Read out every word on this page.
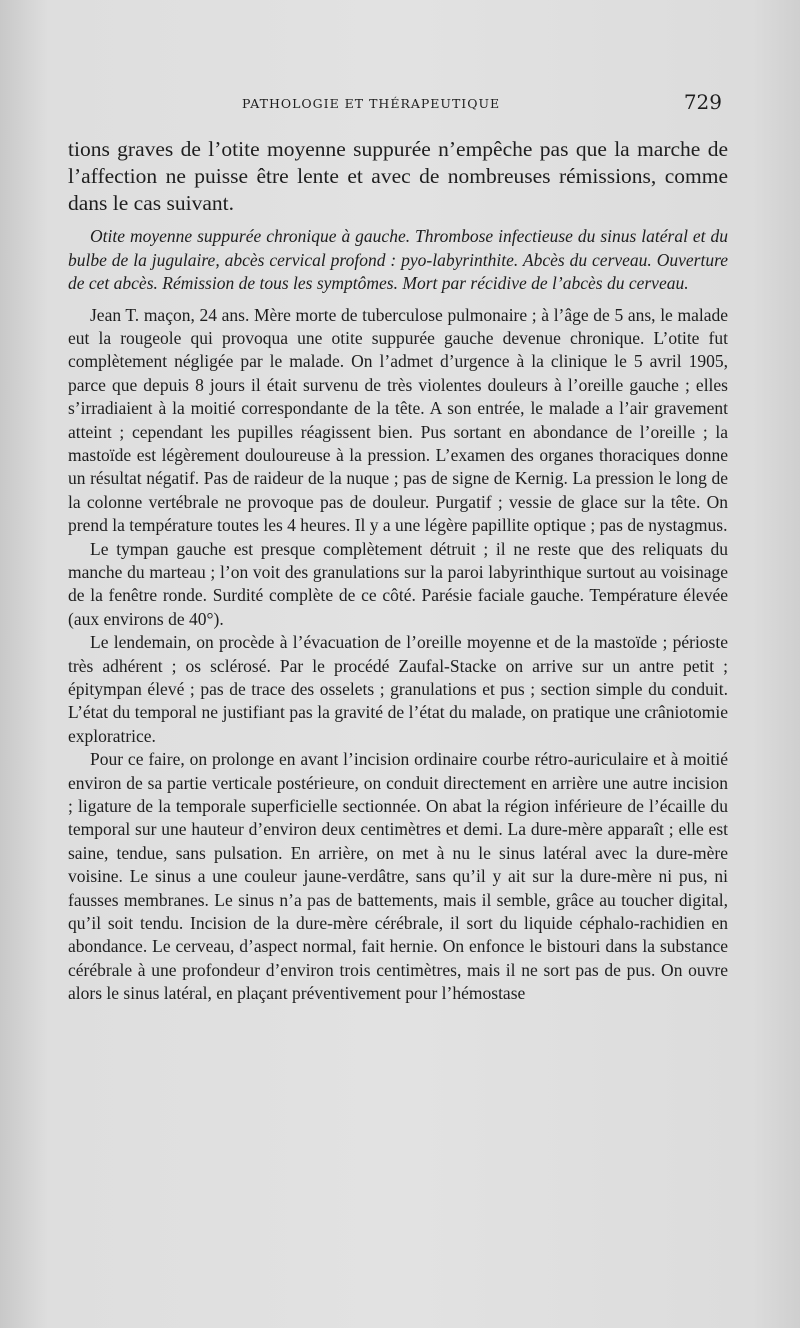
PATHOLOGIE ET THÉRAPEUTIQUE	729

tions graves de l’otite moyenne suppurée n’empêche pas que la marche de l’affection ne puisse être lente et avec de nombreuses rémissions, comme dans le cas suivant.

Otite moyenne suppurée chronique à gauche. Thrombose infectieuse du sinus latéral et du bulbe de la jugulaire, abcès cervical profond : pyo-labyrinthite. Abcès du cerveau. Ouverture de cet abcès. Rémission de tous les symptômes. Mort par récidive de l’abcès du cerveau.

Jean T. maçon, 24 ans. Mère morte de tuberculose pulmonaire ; à l’âge de 5 ans, le malade eut la rougeole qui provoqua une otite suppurée gauche devenue chronique. L’otite fut complètement négligée par le malade. On l’admet d’urgence à la clinique le 5 avril 1905, parce que depuis 8 jours il était survenu de très violentes douleurs à l’oreille gauche ; elles s’irradiaient à la moitié correspondante de la tête. A son entrée, le malade a l’air gravement atteint ; cependant les pupilles réagissent bien. Pus sortant en abondance de l’oreille ; la mastoïde est légèrement douloureuse à la pression. L’examen des organes thoraciques donne un résultat négatif. Pas de raideur de la nuque ; pas de signe de Kernig. La pression le long de la colonne vertébrale ne provoque pas de douleur. Purgatif ; vessie de glace sur la tête. On prend la température toutes les 4 heures. Il y a une légère papillite optique ; pas de nystagmus.

Le tympan gauche est presque complètement détruit ; il ne reste que des reliquats du manche du marteau ; l’on voit des granulations sur la paroi labyrinthique surtout au voisinage de la fenêtre ronde. Surdité complète de ce côté. Parésie faciale gauche. Température élevée (aux environs de 40°).

Le lendemain, on procède à l’évacuation de l’oreille moyenne et de la mastoïde ; périoste très adhérent ; os sclérosé. Par le procédé Zaufal-Stacke on arrive sur un antre petit ; épitympan élevé ; pas de trace des osselets ; granulations et pus ; section simple du conduit. L’état du temporal ne justifiant pas la gravité de l’état du malade, on pratique une crâniotomie exploratrice.

Pour ce faire, on prolonge en avant l’incision ordinaire courbe rétro-auriculaire et à moitié environ de sa partie verticale postérieure, on conduit directement en arrière une autre incision ; ligature de la temporale superficielle sectionnée. On abat la région inférieure de l’écaille du temporal sur une hauteur d’environ deux centimètres et demi. La dure-mère apparaît ; elle est saine, tendue, sans pulsation. En arrière, on met à nu le sinus latéral avec la dure-mère voisine. Le sinus a une couleur jaune-verdâtre, sans qu’il y ait sur la dure-mère ni pus, ni fausses membranes. Le sinus n’a pas de battements, mais il semble, grâce au toucher digital, qu’il soit tendu. Incision de la dure-mère cérébrale, il sort du liquide céphalo-rachidien en abondance. Le cerveau, d’aspect normal, fait hernie. On enfonce le bistouri dans la substance cérébrale à une profondeur d’environ trois centimètres, mais il ne sort pas de pus. On ouvre alors le sinus latéral, en plaçant préventivement pour l’hémostase
